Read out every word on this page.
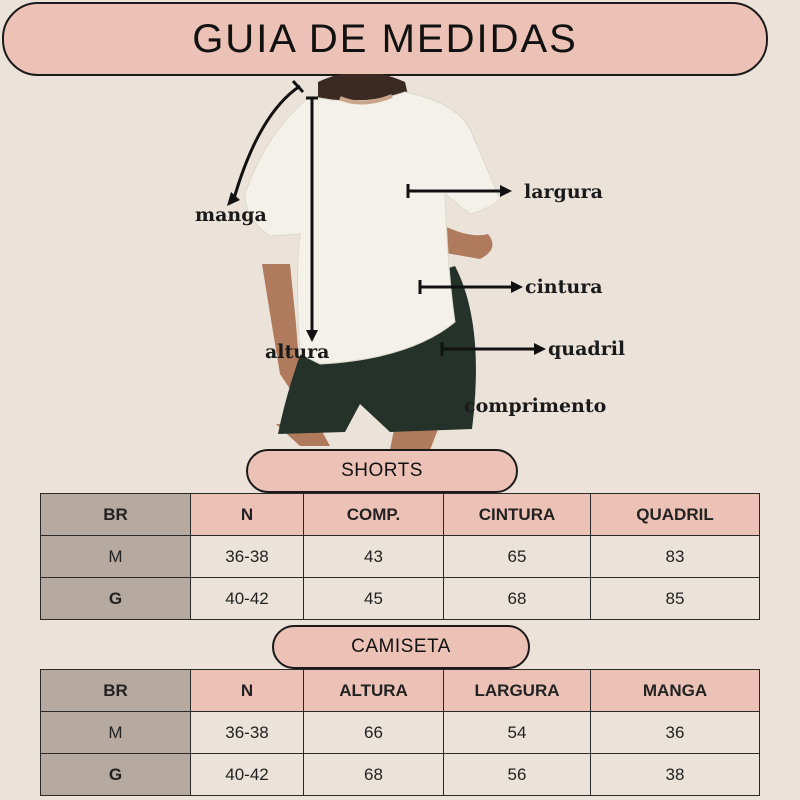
GUIA DE MEDIDAS
manga
largura
cintura
altura	quadril
comprimento
SHORTS
BR	N	COMP.	CINTURA	QUADRIL
M	36-38	43	65	83
G	40-42	45	68	85
CAMISETA
BR	N	ALTURA	LARGURA	MANGA
M	36-38	66	54	36
G	40-42	68	56	38
